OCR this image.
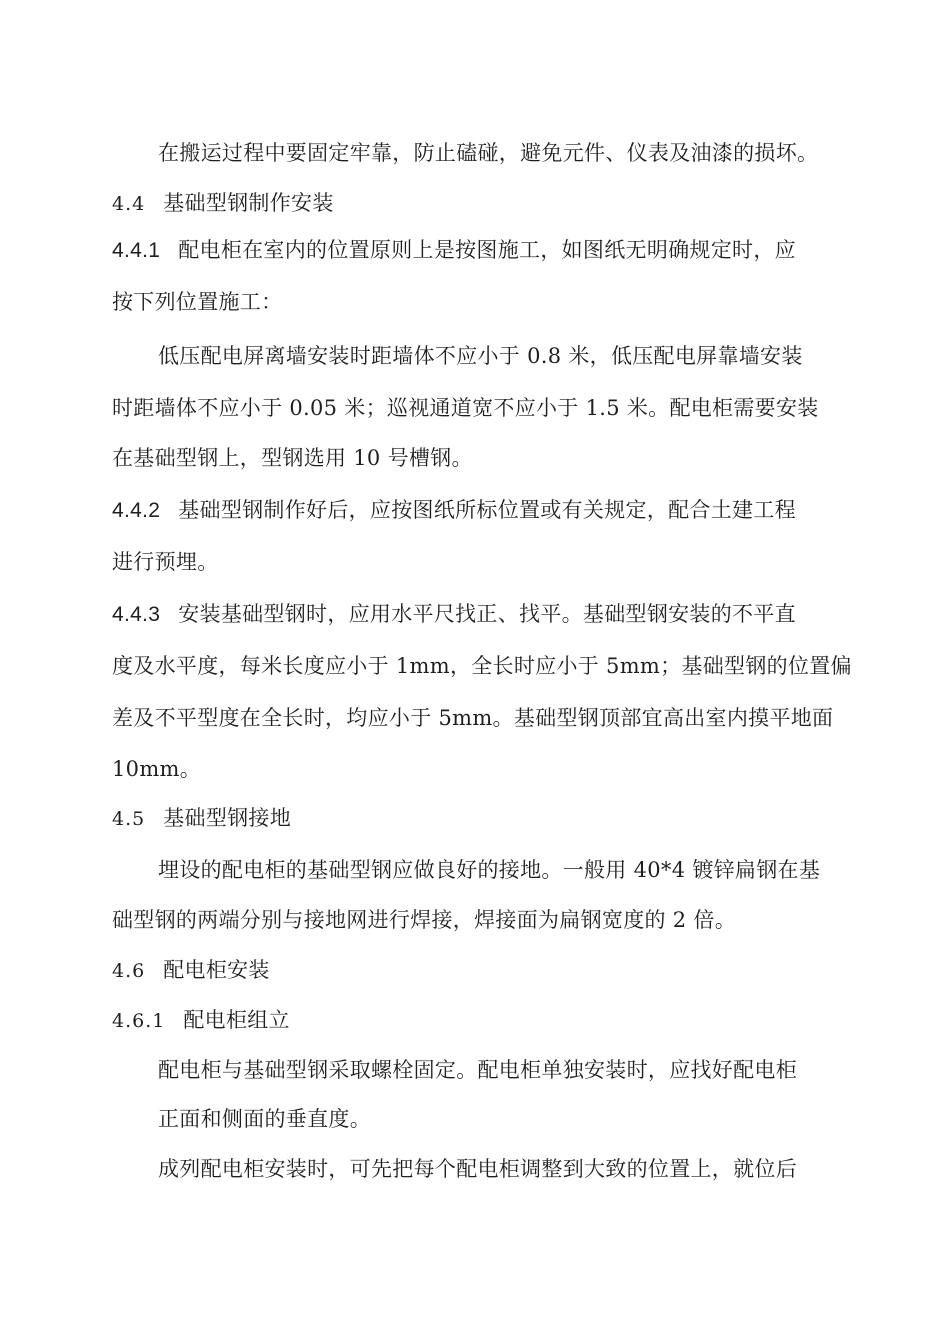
在搬运过程中要固定牢靠，防止磕碰，避免元件、仪表及油漆的损坏。
4.4 基础型钢制作安装
4.4.1 配电柜在室内的位置原则上是按图施工，如图纸无明确规定时，应
按下列位置施工：
低压配电屏离墙安装时距墙体不应小于 0.8 米，低压配电屏靠墙安装
时距墙体不应小于 0.05 米；巡视通道宽不应小于 1.5 米。配电柜需要安装
在基础型钢上，型钢选用 10 号槽钢。
4.4.2 基础型钢制作好后，应按图纸所标位置或有关规定，配合土建工程
进行预埋。
4.4.3 安装基础型钢时，应用水平尺找正、找平。基础型钢安装的不平直
度及水平度，每米长度应小于 1mm，全长时应小于 5mm；基础型钢的位置偏
差及不平型度在全长时，均应小于 5mm。基础型钢顶部宜高出室内摸平地面
10mm。
4.5 基础型钢接地
埋设的配电柜的基础型钢应做良好的接地。一般用 40*4 镀锌扁钢在基
础型钢的两端分别与接地网进行焊接，焊接面为扁钢宽度的 2 倍。
4.6 配电柜安装
4.6.1 配电柜组立
配电柜与基础型钢采取螺栓固定。配电柜单独安装时，应找好配电柜
正面和侧面的垂直度。
成列配电柜安装时，可先把每个配电柜调整到大致的位置上，就位后
